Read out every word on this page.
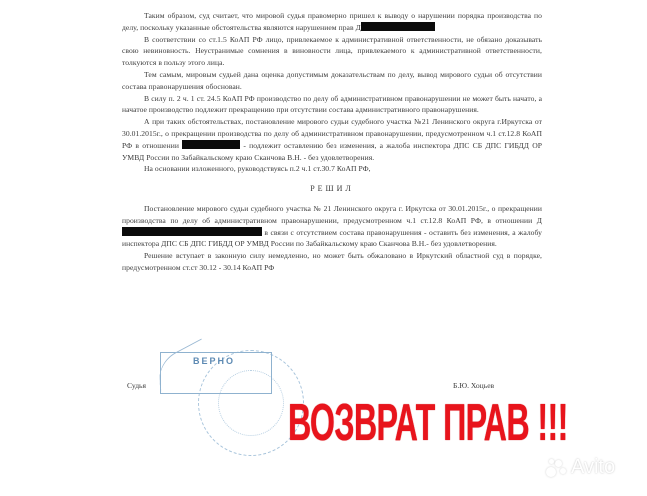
Таким образом, суд считает, что мировой судья правомерно пришел к выводу о нарушении порядка производства по делу, поскольку указанные обстоятельства являются нарушением прав Д

В соответствии со ст.1.5 КоАП РФ лицо, привлекаемое к административной ответственности, не обязано доказывать свою невиновность. Неустранимые сомнения в виновности лица, привлекаемого к административной ответственности, толкуются в пользу этого лица.

Тем самым, мировым судьей дана оценка допустимым доказательствам по делу, вывод мирового судьи об отсутствии состава правонарушения обоснован.

В силу п. 2 ч. 1 ст. 24.5 КоАП РФ производство по делу об административном правонарушении не может быть начато, а начатое производство подлежит прекращению при отсутствии состава административного правонарушения.

А при таких обстоятельствах, постановление мирового судьи судебного участка №21 Ленинского округа г.Иркутска от 30.01.2015г., о прекращении производства по делу об административном правонарушении, предусмотренном ч.1 ст.12.8 КоАП РФ в отношении	- подлежит оставлению без изменения, а жалоба инспектора ДПС СБ ДПС ГИБДД ОР УМВД России по Забайкальскому краю Сканчова В.Н. - без удовлетворения.

На основании изложенного, руководствуясь п.2 ч.1 ст.30.7 КоАП РФ,

РЕШИЛ

Постановление мирового судьи судебного участка № 21 Ленинского округа г. Иркутска от 30.01.2015г., о прекращении производства по делу об административном правонарушении, предусмотренном ч.1 ст.12.8 КоАП РФ, в отношении Д в связи с отсутствием состава правонарушения - оставить без изменения, а жалобу инспектора ДПС СБ ДПС ГИБДД ОР УМВД России по Забайкальскому краю Сканчова В.Н.- без удовлетворения.

Решение вступает в законную силу немедленно, но может быть обжаловано в Иркутский областной суд в порядке, предусмотренном ст.ст 30.12 - 30.14 КоАП РФ

ВЕРНО
Судья	Б.Ю. Хоцьев
ВОЗВРАТ ПРАВ !!!
Avito
